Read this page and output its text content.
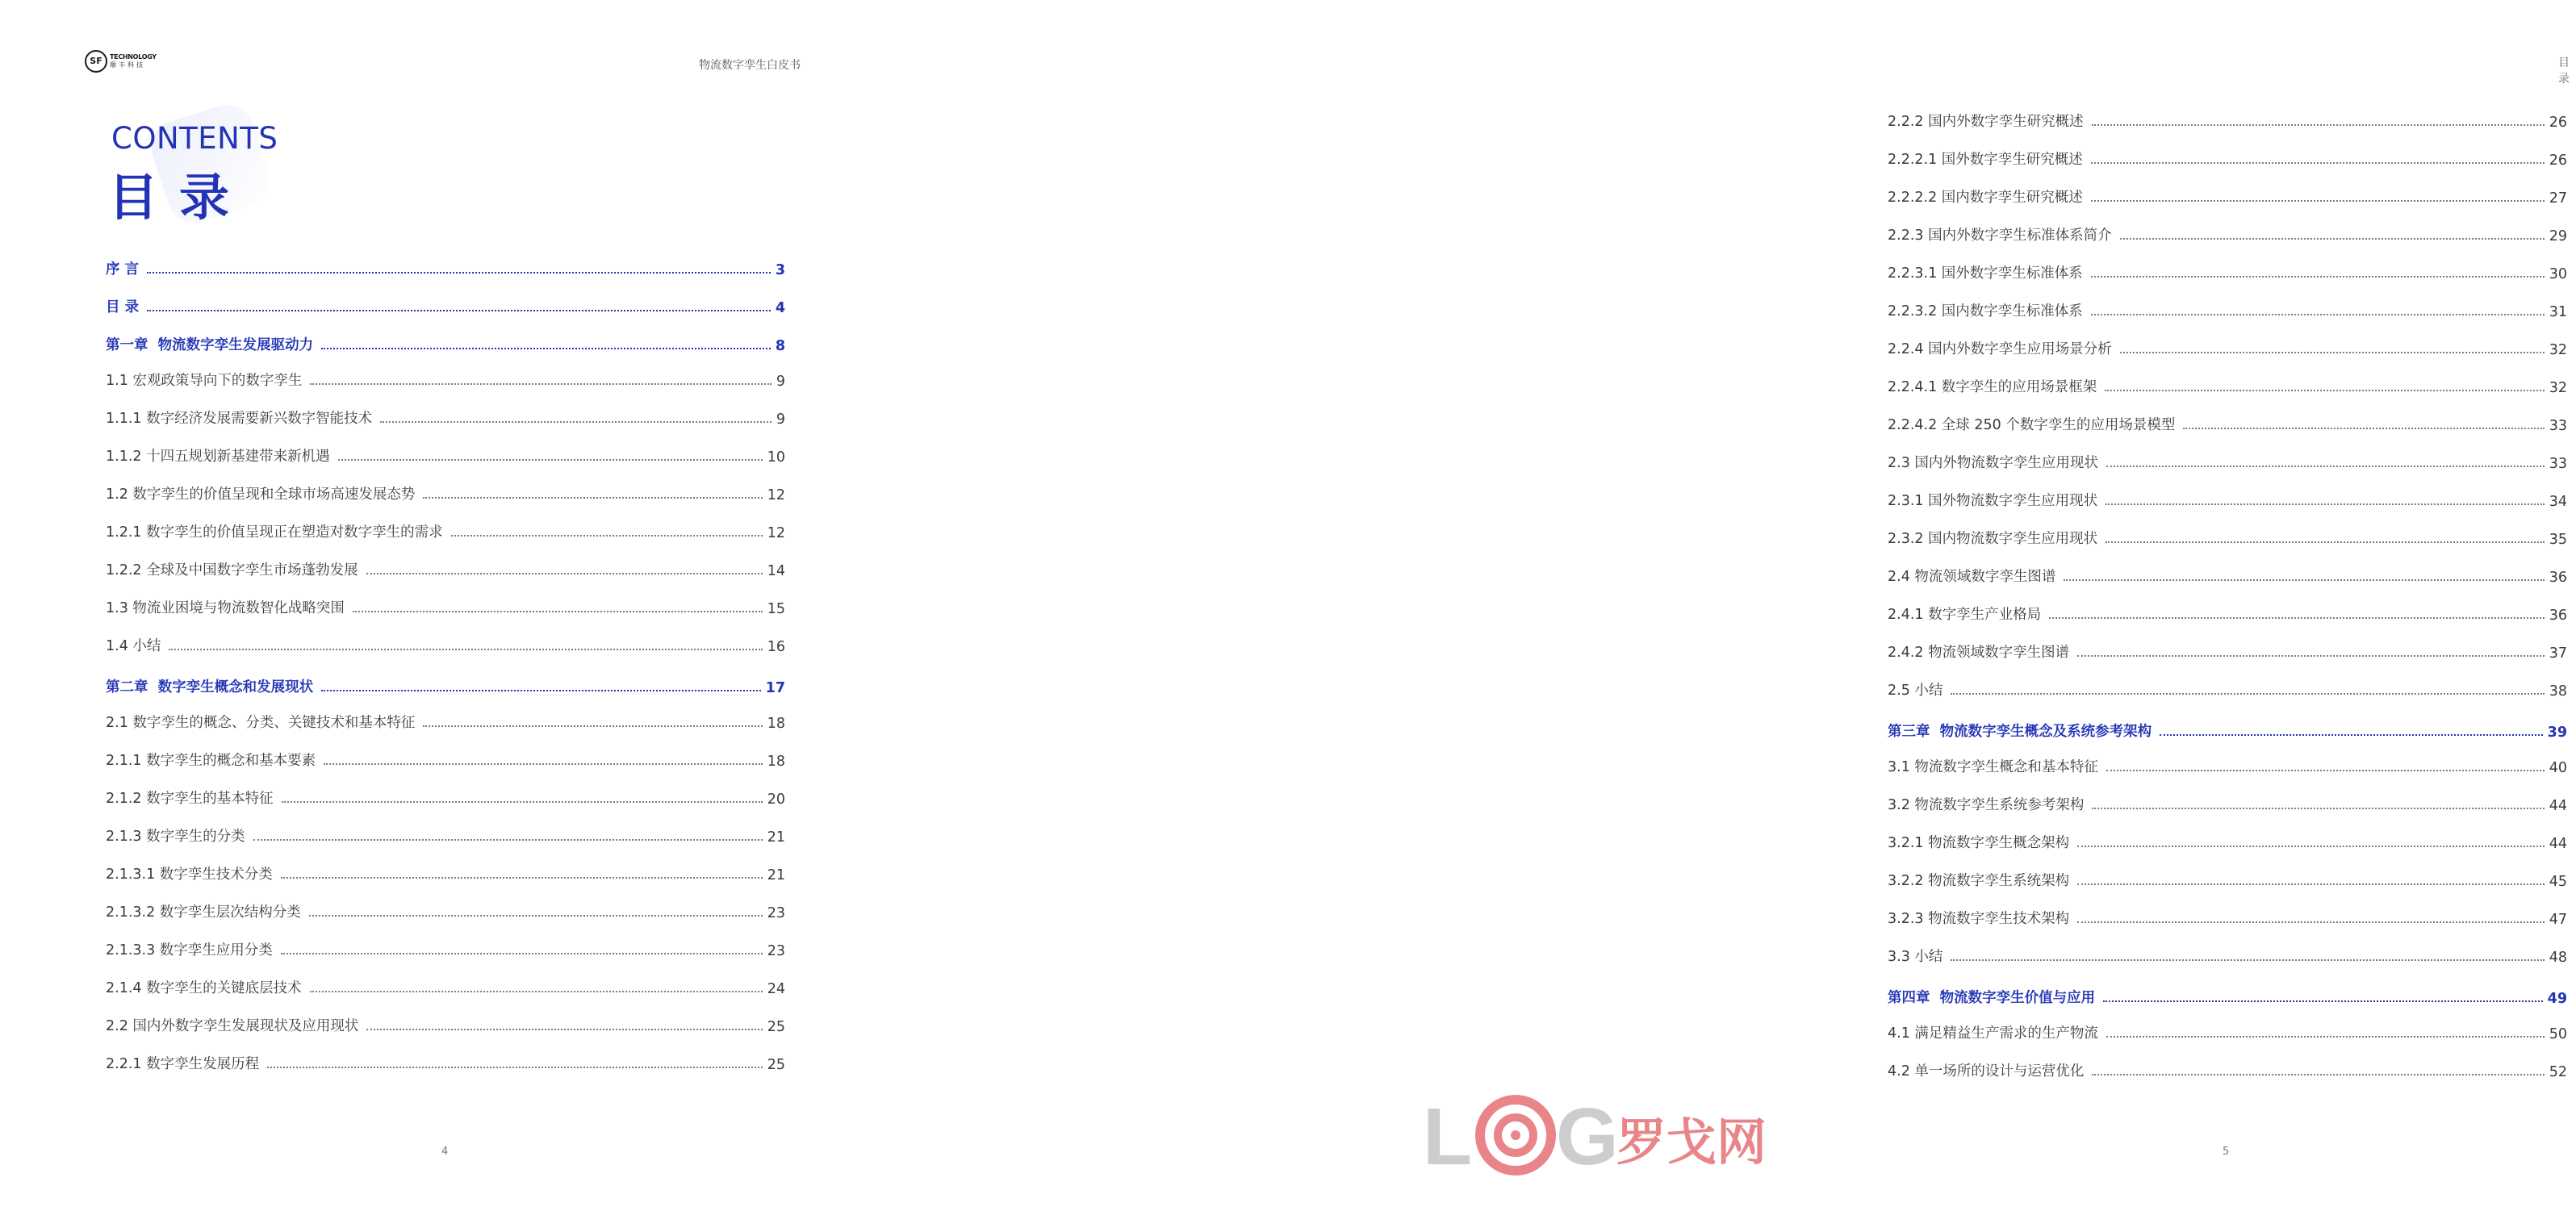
SF	TECHNOLOGY
顺丰科技	物流数字孪生白皮书
CONTENTS
目录
序 言	3
目 录	4
第一章  物流数字孪生发展驱动力	8
1.1 宏观政策导向下的数字孪生	9
1.1.1 数字经济发展需要新兴数字智能技术	9
1.1.2 十四五规划新基建带来新机遇	10
1.2 数字孪生的价值呈现和全球市场高速发展态势	12
1.2.1 数字孪生的价值呈现正在塑造对数字孪生的需求	12
1.2.2 全球及中国数字孪生市场蓬勃发展	14
1.3 物流业困境与物流数智化战略突围	15
1.4 小结	16
第二章  数字孪生概念和发展现状	17
2.1 数字孪生的概念、分类、关键技术和基本特征	18
2.1.1 数字孪生的概念和基本要素	18
2.1.2 数字孪生的基本特征	20
2.1.3 数字孪生的分类	21
2.1.3.1 数字孪生技术分类	21
2.1.3.2 数字孪生层次结构分类	23
2.1.3.3 数字孪生应用分类	23
2.1.4 数字孪生的关键底层技术	24
2.2 国内外数字孪生发展现状及应用现状	25
2.2.1 数字孪生发展历程	25
4
目录
2.2.2 国内外数字孪生研究概述	26
2.2.2.1 国外数字孪生研究概述	26
2.2.2.2 国内数字孪生研究概述	27
2.2.3 国内外数字孪生标准体系简介	29
2.2.3.1 国外数字孪生标准体系	30
2.2.3.2 国内数字孪生标准体系	31
2.2.4 国内外数字孪生应用场景分析	32
2.2.4.1 数字孪生的应用场景框架	32
2.2.4.2 全球 250 个数字孪生的应用场景模型	33
2.3 国内外物流数字孪生应用现状	33
2.3.1 国外物流数字孪生应用现状	34
2.3.2 国内物流数字孪生应用现状	35
2.4 物流领域数字孪生图谱	36
2.4.1 数字孪生产业格局	36
2.4.2 物流领域数字孪生图谱	37
2.5 小结	38
第三章  物流数字孪生概念及系统参考架构	39
3.1 物流数字孪生概念和基本特征	40
3.2 物流数字孪生系统参考架构	44
3.2.1 物流数字孪生概念架构	44
3.2.2 物流数字孪生系统架构	45
3.2.3 物流数字孪生技术架构	47
3.3 小结	48
第四章  物流数字孪生价值与应用	49
4.1 满足精益生产需求的生产物流	50
4.2 单一场所的设计与运营优化	52
5
L G
罗戈网
